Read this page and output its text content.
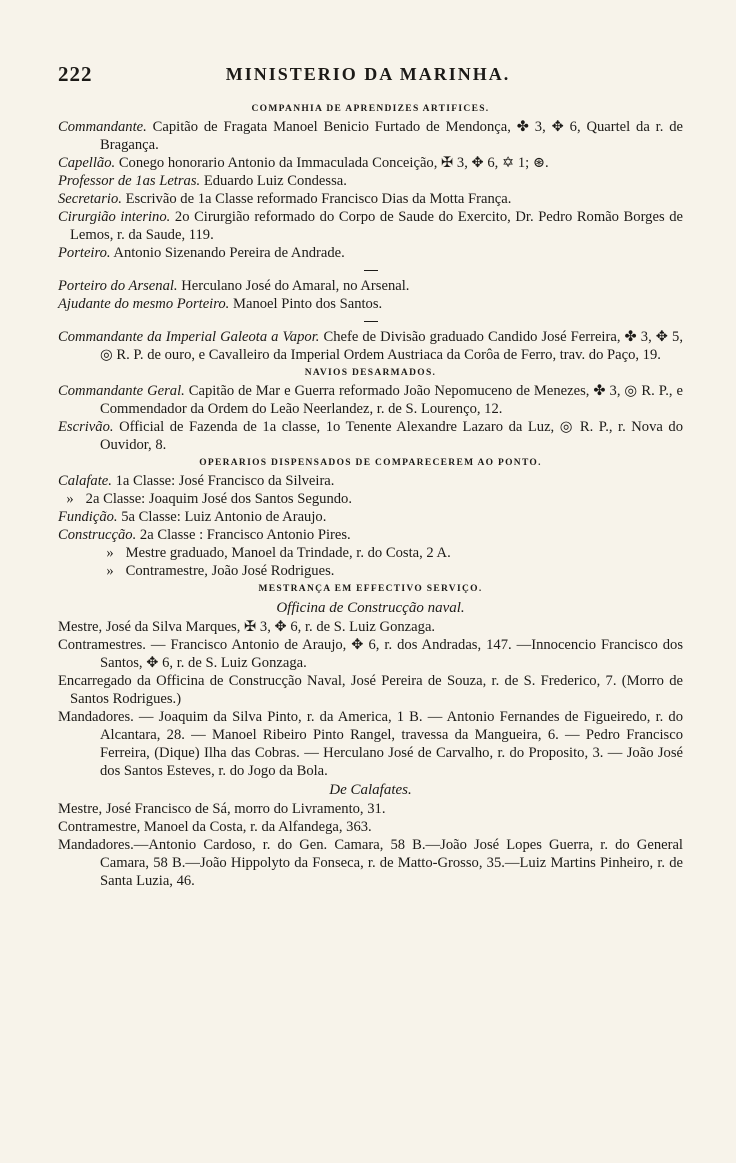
222	MINISTERIO DA MARINHA.
COMPANHIA DE APRENDIZES ARTIFICES.

Commandante. Capitão de Fragata Manoel Benicio Furtado de Mendonça, ✤ 3, ✥ 6, Quartel da r. de Bragança.

Capellão. Conego honorario Antonio da Immaculada Conceição, ✠ 3, ✥ 6, ✡ 1; ⊛.

Professor de 1as Letras. Eduardo Luiz Condessa.

Secretario. Escrivão de 1a Classe reformado Francisco Dias da Motta França.

Cirurgião interino. 2o Cirurgião reformado do Corpo de Saude do Exercito, Dr. Pedro Romão Borges de Lemos, r. da Saude, 119.

Porteiro. Antonio Sizenando Pereira de Andrade.

Porteiro do Arsenal. Herculano José do Amaral, no Arsenal.

Ajudante do mesmo Porteiro. Manoel Pinto dos Santos.

Commandante da Imperial Galeota a Vapor. Chefe de Divisão graduado Candido José Ferreira, ✤ 3, ✥ 5, ◎ R. P. de ouro, e Cavalleiro da Imperial Ordem Austriaca da Corôa de Ferro, trav. do Paço, 19.

NAVIOS DESARMADOS.

Commandante Geral. Capitão de Mar e Guerra reformado João Nepomuceno de Menezes, ✤ 3, ◎ R. P., e Commendador da Ordem do Leão Neerlandez, r. de S. Lourenço, 12.

Escrivão. Official de Fazenda de 1a classe, 1o Tenente Alexandre Lazaro da Luz, ◎ R. P., r. Nova do Ouvidor, 8.

OPERARIOS DISPENSADOS DE COMPARECEREM AO PONTO.
Calafate. 1a Classe: José Francisco da Silveira.
» 2a Classe: Joaquim José dos Santos Segundo.
Fundição. 5a Classe: Luiz Antonio de Araujo.
Construcção. 2a Classe : Francisco Antonio Pires.
» Mestre graduado, Manoel da Trindade, r. do Costa, 2 A.
» Contramestre, João José Rodrigues.
MESTRANÇA EM EFFECTIVO SERVIÇO.
Officina de Construcção naval.

Mestre, José da Silva Marques, ✠ 3, ✥ 6, r. de S. Luiz Gonzaga.

Contramestres. — Francisco Antonio de Araujo, ✥ 6, r. dos Andradas, 147. —Innocencio Francisco dos Santos, ✥ 6, r. de S. Luiz Gonzaga.

Encarregado da Officina de Construcção Naval, José Pereira de Souza, r. de S. Frederico, 7. (Morro de Santos Rodrigues.)

Mandadores. — Joaquim da Silva Pinto, r. da America, 1 B. — Antonio Fernandes de Figueiredo, r. do Alcantara, 28. — Manoel Ribeiro Pinto Rangel, travessa da Mangueira, 6. — Pedro Francisco Ferreira, (Dique) Ilha das Cobras. — Herculano José de Carvalho, r. do Proposito, 3. — João José dos Santos Esteves, r. do Jogo da Bola.

De Calafates.

Mestre, José Francisco de Sá, morro do Livramento, 31.

Contramestre, Manoel da Costa, r. da Alfandega, 363.

Mandadores.—Antonio Cardoso, r. do Gen. Camara, 58 B.—João José Lopes Guerra, r. do General Camara, 58 B.—João Hippolyto da Fonseca, r. de Matto-Grosso, 35.—Luiz Martins Pinheiro, r. de Santa Luzia, 46.
